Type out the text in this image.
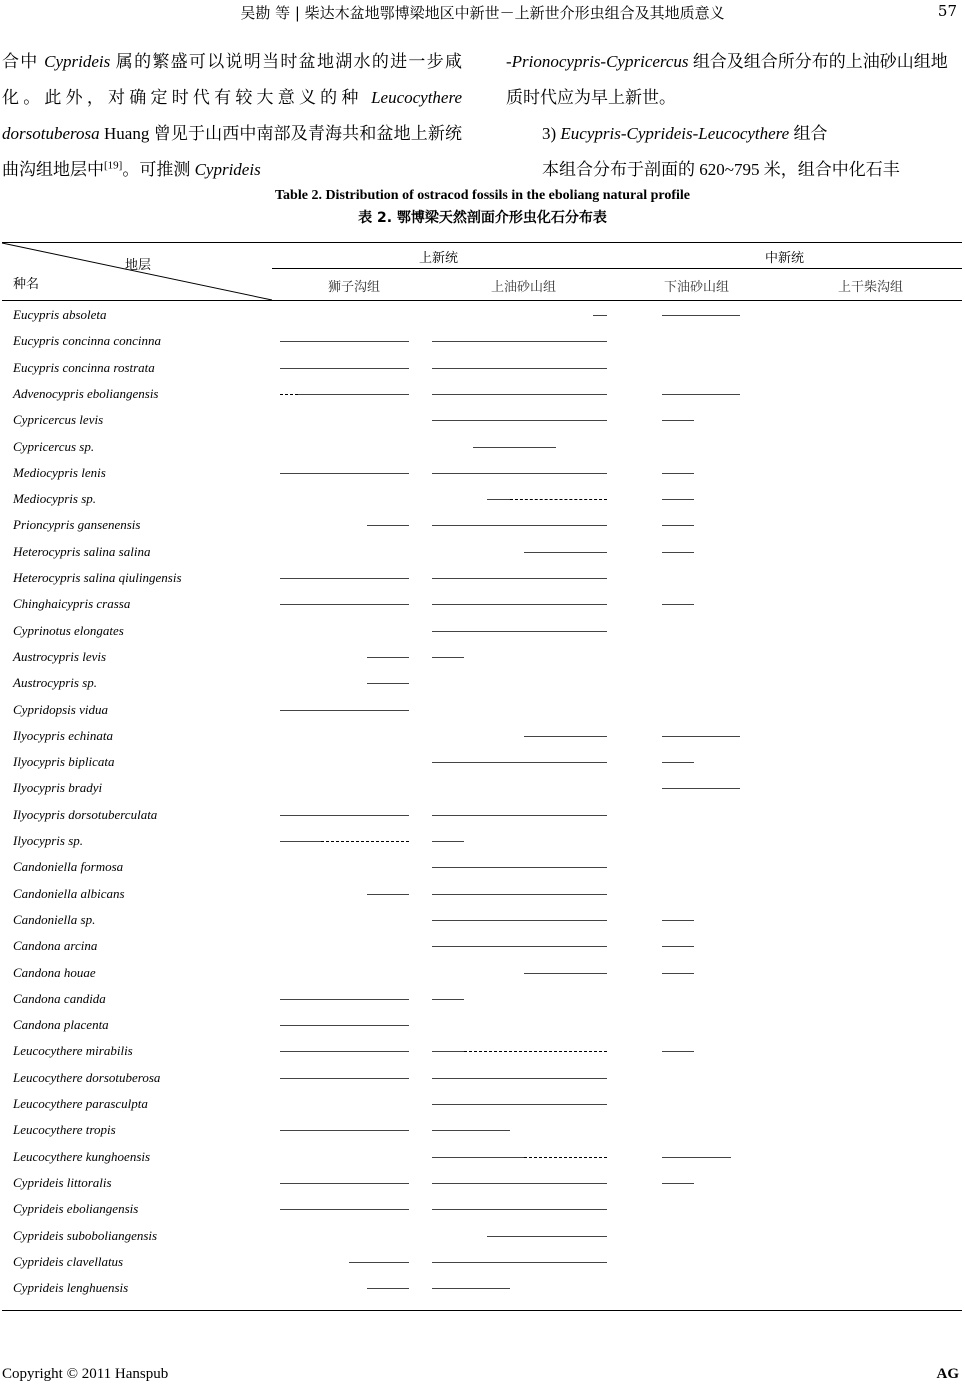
吴勘 等 | 柴达木盆地鄂博梁地区中新世－上新世介形虫组合及其地质意义	57

合中 Cyprideis 属的繁盛可以说明当时盆地湖水的进一步咸化。此外，对确定时代有较大意义的种 Leucocythere dorsotuberosa Huang 曾见于山西中南部及青海共和盆地上新统曲沟组地层中[19]。可推测 Cyprideis

-Prionocypris-Cypricercus 组合及组合所分布的上油砂山组地质时代应为早上新世。

3) Eucypris-Cyprideis-Leucocythere 组合

本组合分布于剖面的 620~795 米，组合中化石丰

Table 2. Distribution of ostracod fossils in the eboliang natural profile
表 2. 鄂博梁天然剖面介形虫化石分布表
地层
种名
上新统	中新统
狮子沟组	上油砂山组	下油砂山组	上干柴沟组
Eucypris absoleta
Eucypris concinna concinna
Eucypris concinna rostrata
Advenocypris eboliangensis
Cypricercus levis
Cypricercus sp.
Mediocypris lenis
Mediocypris sp.
Prioncypris gansenensis
Heterocypris salina salina
Heterocypris salina qiulingensis
Chinghaicypris crassa
Cyprinotus elongates
Austrocypris levis
Austrocypris sp.
Cypridopsis vidua
Ilyocypris echinata
Ilyocypris biplicata
Ilyocypris bradyi
Ilyocypris dorsotuberculata
Ilyocypris sp.
Candoniella formosa
Candoniella albicans
Candoniella sp.
Candona arcina
Candona houae
Candona candida
Candona placenta
Leucocythere mirabilis
Leucocythere dorsotuberosa
Leucocythere parasculpta
Leucocythere tropis
Leucocythere kunghoensis
Cyprideis littoralis
Cyprideis eboliangensis
Cyprideis suboboliangensis
Cyprideis clavellatus
Cyprideis lenghuensis
Copyright © 2011 Hanspub	AG
